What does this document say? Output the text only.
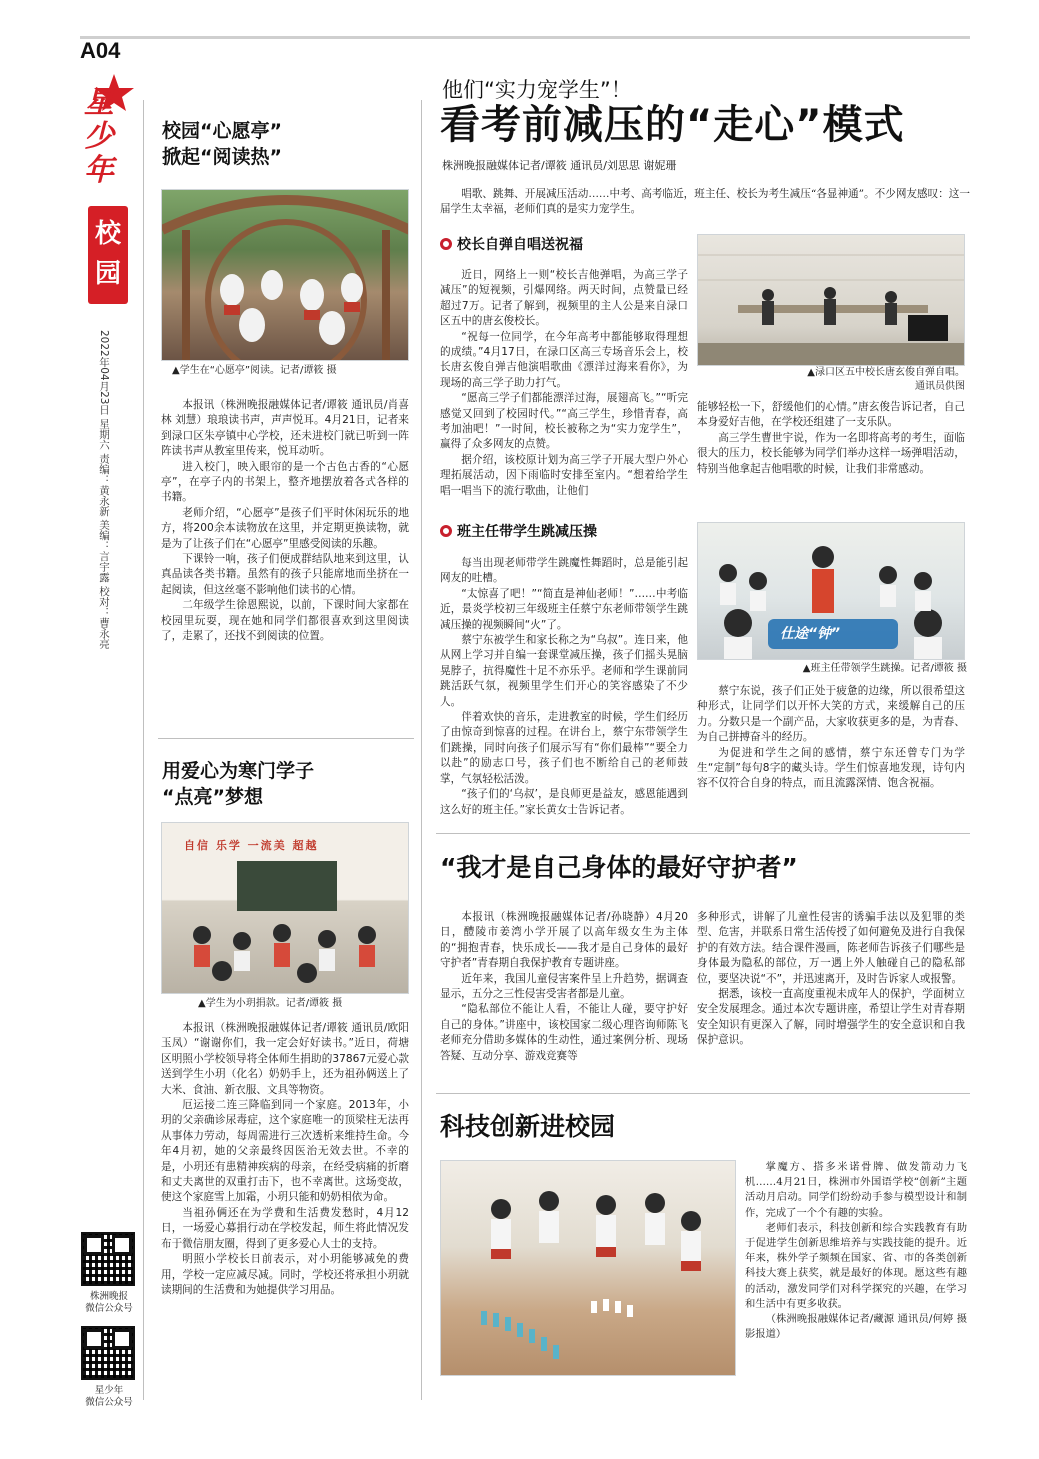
A04
星少年
校园
2022年04月23日 星期六 责编：黄永新 美编：言宇露 校对：曹永亮
株洲晚报
微信公众号
星少年
微信公众号
校园“心愿亭”
掀起“阅读热”
▲学生在“心愿亭”阅读。记者/谭筱 摄

本报讯（株洲晚报融媒体记者/谭筱 通讯员/肖喜林 刘慧）琅琅读书声，声声悦耳。4月21日，记者来到渌口区朱亭镇中心学校，还未进校门就已听到一阵阵读书声从教室里传来，悦耳动听。

进入校门，映入眼帘的是一个古色古香的“心愿亭”，在亭子内的书架上，整齐地摆放着各式各样的书籍。

老师介绍，“心愿亭”是孩子们平时休闲玩乐的地方，将200余本读物放在这里，并定期更换读物，就是为了让孩子们在“心愿亭”里感受阅读的乐趣。

下课铃一响，孩子们便成群结队地来到这里，认真品读各类书籍。虽然有的孩子只能席地而坐挤在一起阅读，但这丝毫不影响他们读书的心情。

二年级学生徐恩熙说，以前，下课时间大家都在校园里玩耍，现在她和同学们都很喜欢到这里阅读了，走累了，还找不到阅读的位置。

用爱心为寒门学子
“点亮”梦想
自信 乐学 一流美 超越
▲学生为小玥捐款。记者/谭筱 摄

本报讯（株洲晚报融媒体记者/谭筱 通讯员/欧阳玉凤）“谢谢你们，我一定会好好读书。”近日，荷塘区明照小学校领导将全体师生捐助的37867元爱心款送到学生小玥（化名）奶奶手上，还为祖孙俩送上了大米、食油、新衣服、文具等物资。

厄运接二连三降临到同一个家庭。2013年，小玥的父亲确诊尿毒症，这个家庭唯一的顶梁柱无法再从事体力劳动，每周需进行三次透析来维持生命。今年4月初，她的父亲最终因医治无效去世。不幸的是，小玥还有患精神疾病的母亲，在经受病痛的折磨和丈夫离世的双重打击下，也不幸离世。这场变故，使这个家庭雪上加霜，小玥只能和奶奶相依为命。

当祖孙俩还在为学费和生活费发愁时，4月12日，一场爱心募捐行动在学校发起，师生将此情况发布于微信朋友圈，得到了更多爱心人士的支持。

明照小学校长日前表示，对小玥能够减免的费用，学校一定应减尽减。同时，学校还将承担小玥就读期间的生活费和为她提供学习用品。

他们“实力宠学生”！
看考前减压的“走心”模式
株洲晚报融媒体记者/谭筱 通讯员/刘思思 谢妮珊
唱歌、跳舞、开展减压活动……中考、高考临近，班主任、校长为考生减压“各显神通”。不少网友感叹：这一届学生太幸福，老师们真的是实力宠学生。
校长自弹自唱送祝福

近日，网络上一则“校长吉他弹唱，为高三学子减压”的短视频，引爆网络。两天时间，点赞量已经超过7万。记者了解到，视频里的主人公是来自渌口区五中的唐玄俊校长。

“祝每一位同学，在今年高考中都能够取得理想的成绩。”4月17日，在渌口区高三专场音乐会上，校长唐玄俊自弹吉他演唱歌曲《漂洋过海来看你》，为现场的高三学子助力打气。

“愿高三学子们都能漂洋过海，展翅高飞。”“听完感觉又回到了校园时代。”“高三学生，珍惜青春，高考加油吧！”一时间，校长被称之为“实力宠学生”，赢得了众多网友的点赞。

据介绍，该校原计划为高三学子开展大型户外心理拓展活动，因下雨临时安排至室内。“想着给学生唱一唱当下的流行歌曲，让他们

▲渌口区五中校长唐玄俊自弹自唱。
通讯员供图

能够轻松一下，舒缓他们的心情。”唐玄俊告诉记者，自己本身爱好吉他，在学校还组建了一支乐队。

高三学生曹世宇说，作为一名即将高考的考生，面临很大的压力，校长能够为同学们举办这样一场弹唱活动，特别当他拿起吉他唱歌的时候，让我们非常感动。

班主任带学生跳减压操

每当出现老师带学生跳魔性舞蹈时，总是能引起网友的吐槽。

“太惊喜了吧！”“简直是神仙老师！”……中考临近，景炎学校初三年级班主任蔡宁东老师带领学生跳减压操的视频瞬间“火”了。

蔡宁东被学生和家长称之为“乌叔”。连日来，他从网上学习并自编一套课堂减压操，孩子们摇头晃脑晃脖子，抗得魔性十足不亦乐乎。老师和学生课前同跳活跃气氛，视频里学生们开心的笑容感染了不少人。

伴着欢快的音乐，走进教室的时候，学生们经历了由惊奇到惊喜的过程。在讲台上，蔡宁东带领学生们跳操，同时向孩子们展示写有“你们最棒”“要全力以赴”的励志口号，孩子们也不断给自己的老师鼓掌，气氛轻松活泼。

“孩子们的‘乌叔’，是良师更是益友，感恩能遇到这么好的班主任。”家长黄女士告诉记者。

仕途“钟”
▲班主任带领学生跳操。记者/谭筱 摄

蔡宁东说，孩子们正处于疲惫的边缘，所以很希望这种形式，让同学们以开怀大笑的方式，来缓解自己的压力。分数只是一个副产品，大家收获更多的是，为青春、为自己拼搏奋斗的经历。

为促进和学生之间的感情，蔡宁东还曾专门为学生“定制”每句8字的藏头诗。学生们惊喜地发现，诗句内容不仅符合自身的特点，而且流露深情、饱含祝福。

“我才是自己身体的最好守护者”

本报讯（株洲晚报融媒体记者/孙晓静）4月20日，醴陵市姜湾小学开展了以高年级女生为主体的“拥抱青春，快乐成长——我才是自己身体的最好守护者”青春期自我保护教育专题讲座。

近年来，我国儿童侵害案件呈上升趋势，据调查显示，五分之三性侵害受害者都是儿童。

“隐私部位不能让人看，不能让人碰，要守护好自己的身体。”讲座中，该校国家二级心理咨询师陈飞老师充分借助多媒体的生动性，通过案例分析、现场答疑、互动分享、游戏竞赛等

多种形式，讲解了儿童性侵害的诱骗手法以及犯罪的类型、危害，并联系日常生活传授了如何避免及进行自我保护的有效方法。结合课件漫画，陈老师告诉孩子们哪些是身体最为隐私的部位，万一遇上外人触碰自己的隐私部位，要坚决说“不”，并迅速离开，及时告诉家人或报警。

据悉，该校一直高度重视未成年人的保护，学面树立安全发展理念。通过本次专题讲座，希望让学生对青春期安全知识有更深入了解，同时增强学生的安全意识和自我保护意识。

科技创新进校园

掌魔方、搭多米诺骨牌、做发箭动力飞机……4月21日，株洲市外国语学校“创新”主题活动月启动。同学们纷纷动手参与模型设计和制作，完成了一个个有趣的实验。

老师们表示，科技创新和综合实践教育有助于促进学生创新思维培养与实践技能的提升。近年来，株外学子频频在国家、省、市的各类创新科技大赛上获奖，就是最好的体现。愿这些有趣的活动，激发同学们对科学探究的兴趣，在学习和生活中有更多收获。

（株洲晚报融媒体记者/藏源 通讯员/何婷 摄影报道）
